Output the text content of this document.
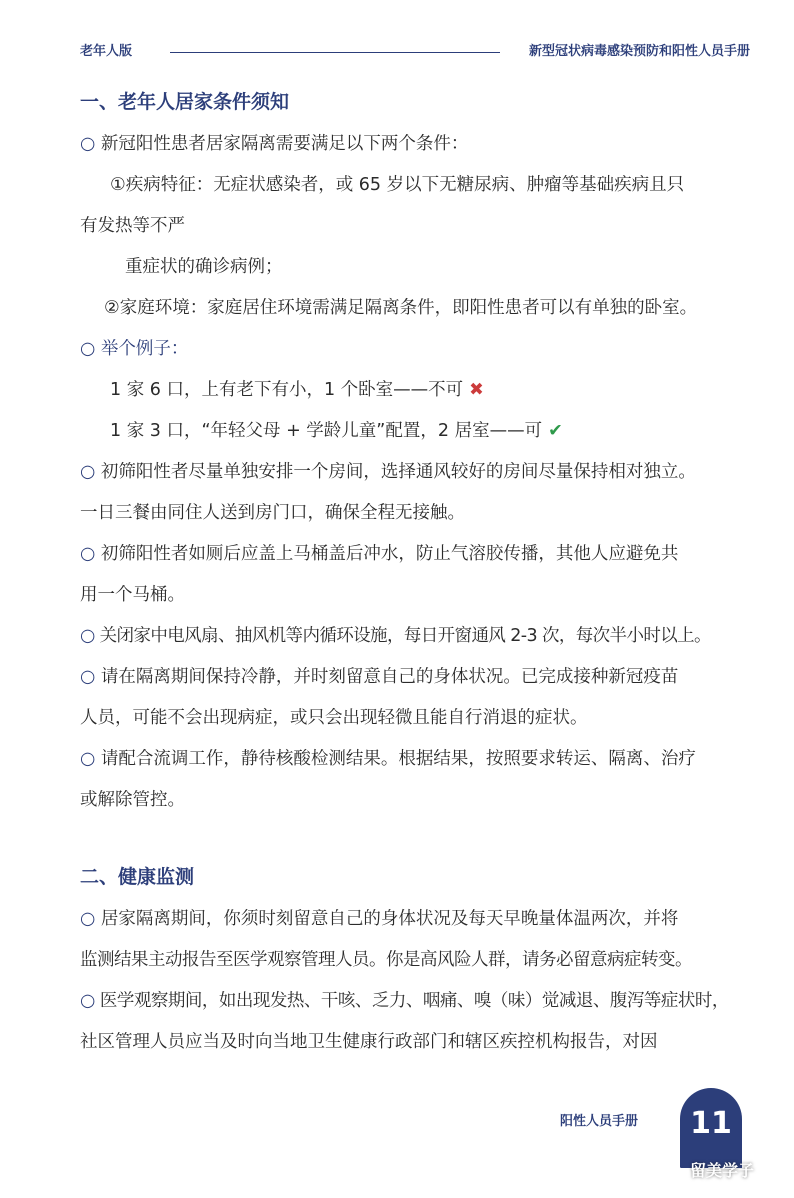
老年人版	新型冠状病毒感染预防和阳性人员手册
一、老年人居家条件须知

○ 新冠阳性患者居家隔离需要满足以下两个条件：

①疾病特征：无症状感染者，或 65 岁以下无糖尿病、肿瘤等基础疾病且只

有发热等不严

重症状的确诊病例；

②家庭环境：家庭居住环境需满足隔离条件，即阳性患者可以有单独的卧室。

○ 举个例子：

1 家 6 口，上有老下有小，1 个卧室——不可 ✖

1 家 3 口，“年轻父母 + 学龄儿童”配置，2 居室——可 ✔

○ 初筛阳性者尽量单独安排一个房间，选择通风较好的房间尽量保持相对独立。

一日三餐由同住人送到房门口，确保全程无接触。

○ 初筛阳性者如厕后应盖上马桶盖后冲水，防止气溶胶传播，其他人应避免共

用一个马桶。

○ 关闭家中电风扇、抽风机等内循环设施，每日开窗通风 2-3 次，每次半小时以上。

○ 请在隔离期间保持冷静，并时刻留意自己的身体状况。已完成接种新冠疫苗

人员，可能不会出现病症，或只会出现轻微且能自行消退的症状。

○ 请配合流调工作，静待核酸检测结果。根据结果，按照要求转运、隔离、治疗

或解除管控。

二、健康监测

○ 居家隔离期间，你须时刻留意自己的身体状况及每天早晚量体温两次，并将

监测结果主动报告至医学观察管理人员。你是高风险人群，请务必留意病症转变。

○ 医学观察期间，如出现发热、干咳、乏力、咽痛、嗅（味）觉减退、腹泻等症状时，

社区管理人员应当及时向当地卫生健康行政部门和辖区疾控机构报告，对因

阳性人员手册	11
留美学子
